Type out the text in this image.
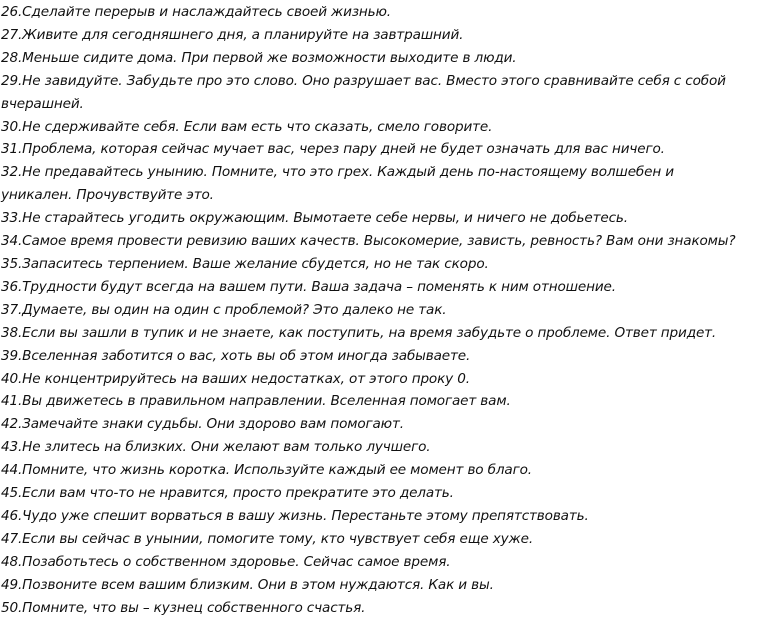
26.Сделайте перерыв и наслаждайтесь своей жизнью.

27.Живите для сегодняшнего дня, а планируйте на завтрашний.

28.Меньше сидите дома. При первой же возможности выходите в люди.

29.Не завидуйте. Забудьте про это слово. Оно разрушает вас. Вместо этого сравнивайте себя с собой

вчерашней.

30.Не сдерживайте себя. Если вам есть что сказать, смело говорите.

31.Проблема, которая сейчас мучает вас, через пару дней не будет означать для вас ничего.

32.Не предавайтесь унынию. Помните, что это грех. Каждый день по-настоящему волшебен и

уникален. Прочувствуйте это.

33.Не старайтесь угодить окружающим. Вымотаете себе нервы, и ничего не добьетесь.

34.Самое время провести ревизию ваших качеств. Высокомерие, зависть, ревность? Вам они знакомы?

35.Запаситесь терпением. Ваше желание сбудется, но не так скоро.

36.Трудности будут всегда на вашем пути. Ваша задача – поменять к ним отношение.

37.Думаете, вы один на один с проблемой? Это далеко не так.

38.Если вы зашли в тупик и не знаете, как поступить, на время забудьте о проблеме. Ответ придет.

39.Вселенная заботится о вас, хоть вы об этом иногда забываете.

40.Не концентрируйтесь на ваших недостатках, от этого проку 0.

41.Вы движетесь в правильном направлении. Вселенная помогает вам.

42.Замечайте знаки судьбы. Они здорово вам помогают.

43.Не злитесь на близких. Они желают вам только лучшего.

44.Помните, что жизнь коротка. Используйте каждый ее момент во благо.

45.Если вам что-то не нравится, просто прекратите это делать.

46.Чудо уже спешит ворваться в вашу жизнь. Перестаньте этому препятствовать.

47.Если вы сейчас в унынии, помогите тому, кто чувствует себя еще хуже.

48.Позаботьтесь о собственном здоровье. Сейчас самое время.

49.Позвоните всем вашим близким. Они в этом нуждаются. Как и вы.

50.Помните, что вы – кузнец собственного счастья.
